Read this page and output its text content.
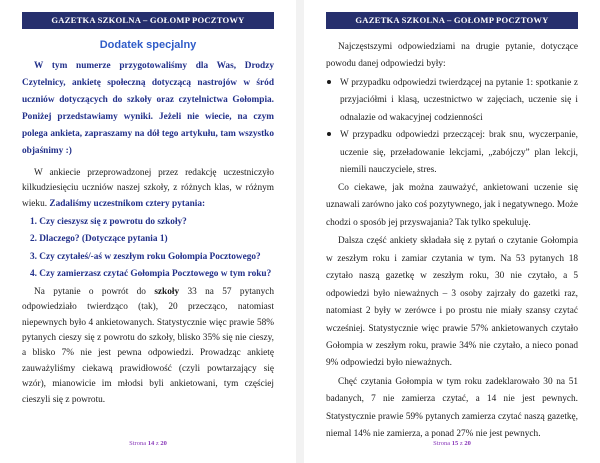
GAZETKA SZKOLNA – GOŁOMP POCZTOWY
Dodatek specjalny

W tym numerze przygotowaliśmy dla Was, Drodzy Czytelnicy, ankietę społeczną dotyczącą nastrojów w śród uczniów dotyczących do szkoły oraz czytelnictwa Gołompia. Poniżej przedstawiamy wyniki. Jeżeli nie wiecie, na czym polega ankieta, zapraszamy na dół tego artykułu, tam wszystko objaśnimy :)

W ankiecie przeprowadzonej przez redakcję uczestniczyło kilkudziesięciu uczniów naszej szkoły, z różnych klas, w różnym wieku. Zadaliśmy uczestnikom cztery pytania:

1. Czy cieszysz się z powrotu do szkoły?
2. Dlaczego? (Dotyczące pytania 1)
3. Czy czytałeś/-aś w zeszłym roku Gołompia Pocztowego?
4. Czy zamierzasz czytać Gołompia Pocztowego w tym roku?

Na pytanie o powrót do szkoły 33 na 57 pytanych odpowiedziało twierdząco (tak), 20 przecząco, natomiast niepewnych było 4 ankietowanych. Statystycznie więc prawie 58% pytanych cieszy się z powrotu do szkoły, blisko 35% się nie cieszy, a blisko 7% nie jest pewna odpowiedzi. Prowadząc ankietę zauważyliśmy ciekawą prawidłowość (czyli powtarzający się wzór), mianowicie im młodsi byli ankietowani, tym częściej cieszyli się z powrotu.

Strona 14 z 20
GAZETKA SZKOLNA – GOŁOMP POCZTOWY

Najczęstszymi odpowiedziami na drugie pytanie, dotyczące powodu danej odpowiedzi były:

W przypadku odpowiedzi twierdzącej na pytanie 1: spotkanie z przyjaciółmi i klasą, uczestnictwo w zajęciach, uczenie się i odnalazie od wakacyjnej codzienności
W przypadku odpowiedzi przeczącej: brak snu, wyczerpanie, uczenie się, przeładowanie lekcjami, „zabójczy” plan lekcji, niemili nauczyciele, stres.

Co ciekawe, jak można zauważyć, ankietowani uczenie się uznawali zarówno jako coś pozytywnego, jak i negatywnego. Może chodzi o sposób jej przyswajania? Tak tylko spekuluję.

Dalsza część ankiety składała się z pytań o czytanie Gołompia w zeszłym roku i zamiar czytania w tym. Na 53 pytanych 18 czytało naszą gazetkę w zeszłym roku, 30 nie czytało, a 5 odpowiedzi było nieważnych – 3 osoby zajrzały do gazetki raz, natomiast 2 były w zerówce i po prostu nie miały szansy czytać wcześniej. Statystycznie więc prawie 57% ankietowanych czytało Gołompia w zeszłym roku, prawie 34% nie czytało, a nieco ponad 9% odpowiedzi było nieważnych.

Chęć czytania Gołompia w tym roku zadeklarowało 30 na 51 badanych, 7 nie zamierza czytać, a 14 nie jest pewnych. Statystycznie prawie 59% pytanych zamierza czytać naszą gazetkę, niemal 14% nie zamierza, a ponad 27% nie jest pewnych.

Strona 15 z 20
